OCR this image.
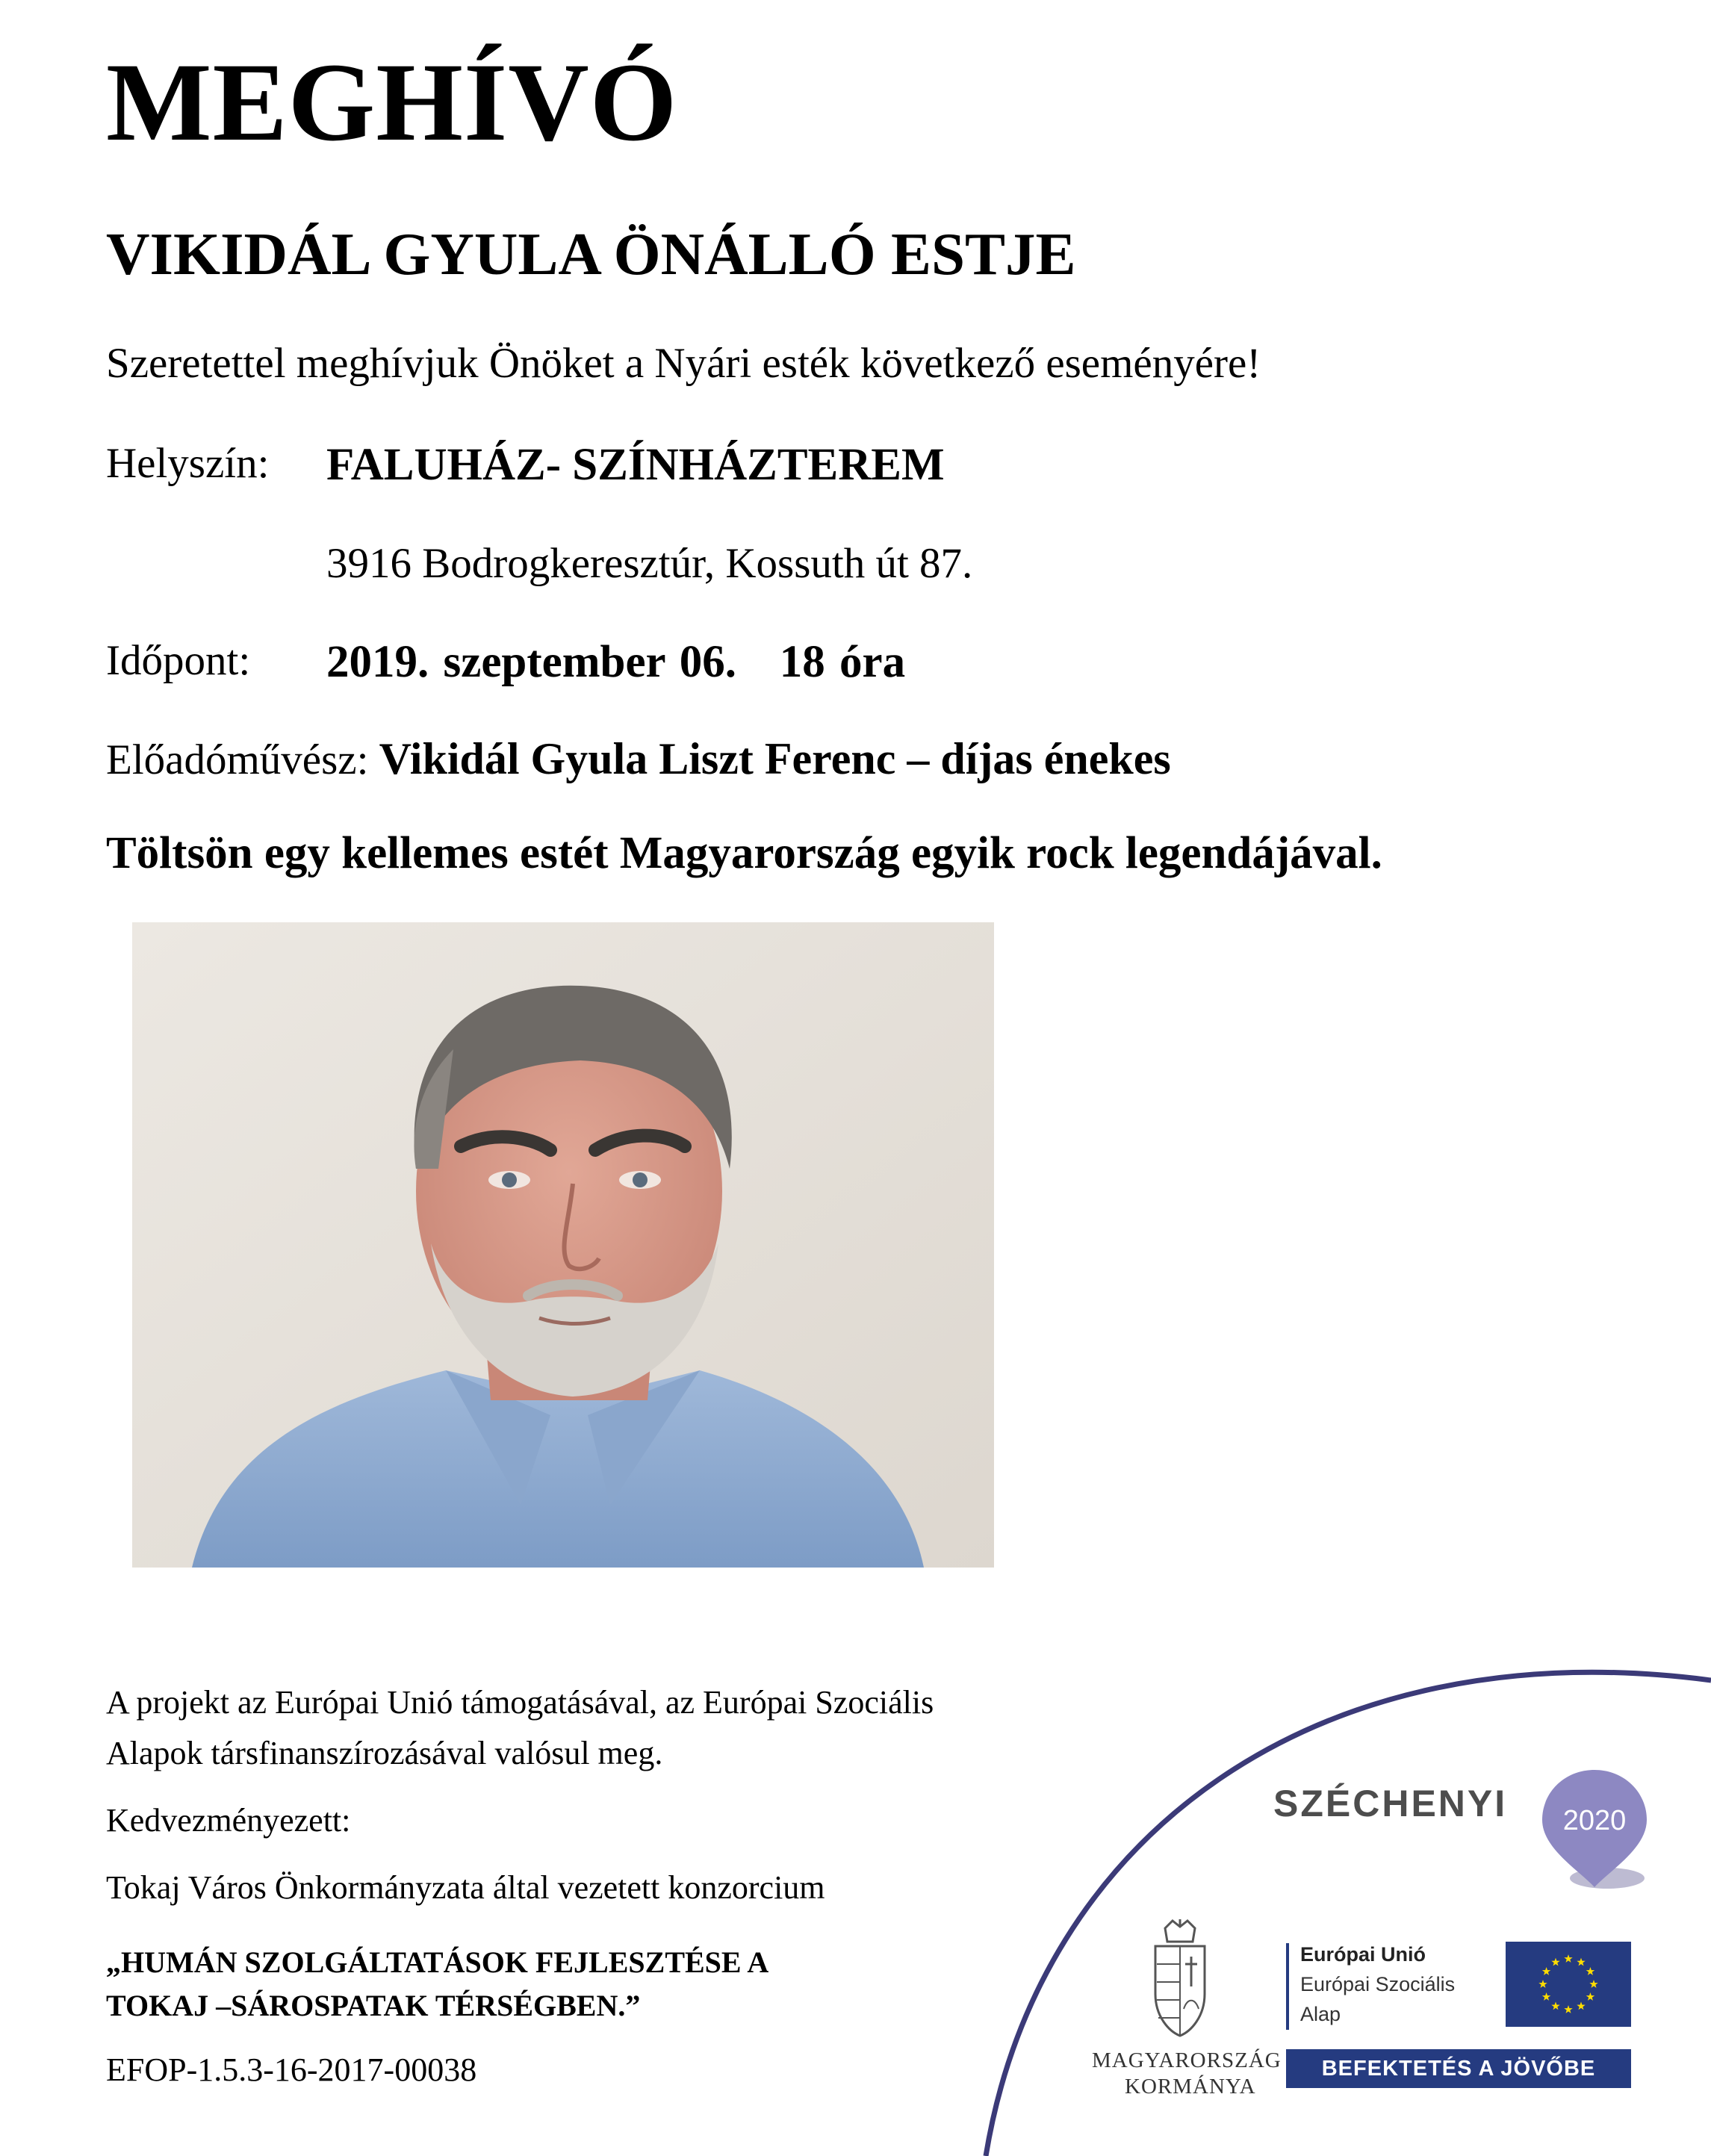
MEGHÍVÓ
VIKIDÁL GYULA ÖNÁLLÓ ESTJE
Szeretettel meghívjuk Önöket a Nyári esték következő eseményére!
Helyszín: FALUHÁZ- SZÍNHÁZTEREM
3916 Bodrogkeresztúr, Kossuth út 87.
Időpont: 2019. szeptember 06.   18 óra
Előadóművész: Vikidál Gyula Liszt Ferenc – díjas énekes
Töltsön egy kellemes estét Magyarország egyik rock legendájával.
A projekt az Európai Unió támogatásával, az Európai Szociális
Alapok társfinanszírozásával valósul meg.
Kedvezményezett:
Tokaj Város Önkormányzata által vezetett konzorcium
„HUMÁN SZOLGÁLTATÁSOK FEJLESZTÉSE A
TOKAJ –SÁROSPATAK TÉRSÉGBEN.”
EFOP-1.5.3-16-2017-00038
SZÉCHENYI 2020
MAGYARORSZÁG
KORMÁNYA
Európai Unió
Európai Szociális
Alap
BEFEKTETÉS A JÖVŐBE
